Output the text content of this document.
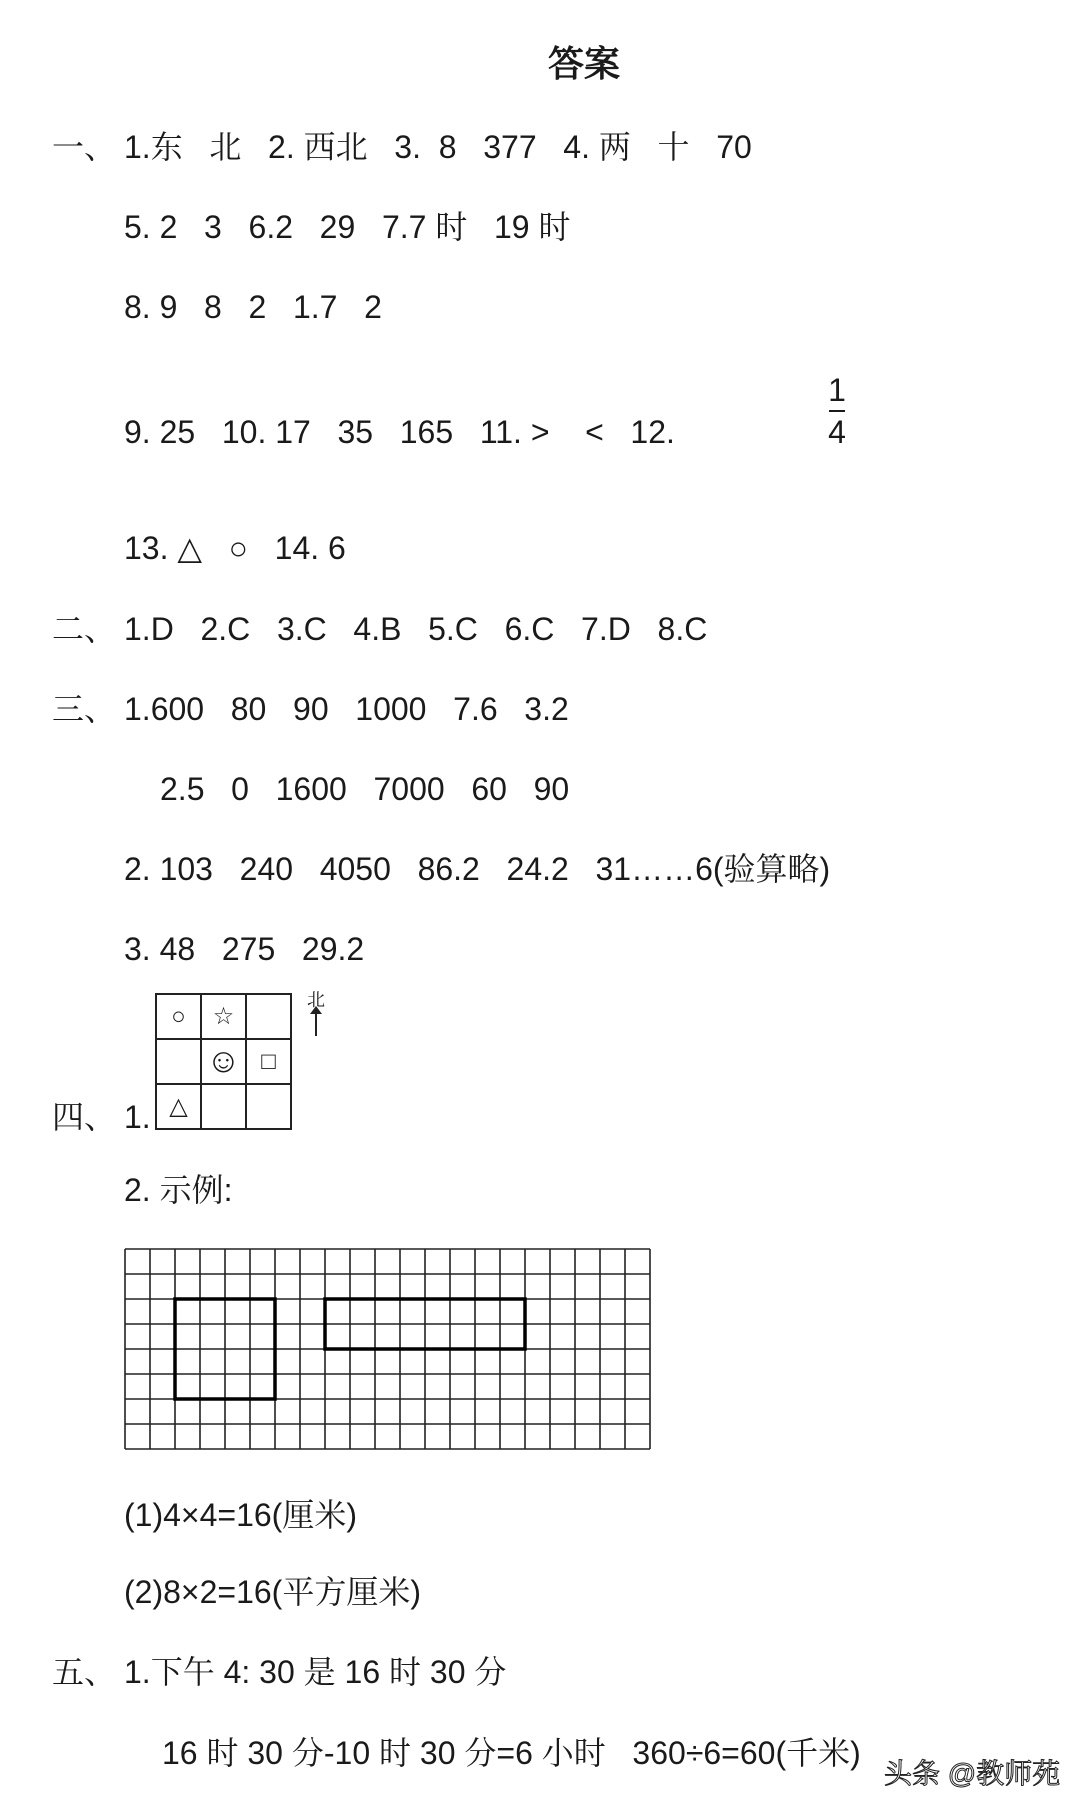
答案
一、 1.东   北   2. 西北   3.  8   377   4. 两   十   70
5. 2   3   6.2   29   7.7 时   19 时
8. 9   8   2   1.7   2
9. 25   10. 17   35   165   11. >    <   12.
1
4
13. △   ○   14. 6
二、 1.D   2.C   3.C   4.B   5.C   6.C   7.D   8.C
三、 1.600   80   90   1000   7.6   3.2
2.5   0   1600   7000   60   90
2. 103   240   4050   86.2   24.2   31……6(验算略)
3. 48   275   29.2
四、 1.
○	☆	
	☺	□
△		
北
2. 示例:
(1)4×4=16(厘米)
(2)8×2=16(平方厘米)
五、 1.下午 4: 30 是 16 时 30 分
16 时 30 分-10 时 30 分=6 小时   360÷6=60(千米)
头条 @教师苑
